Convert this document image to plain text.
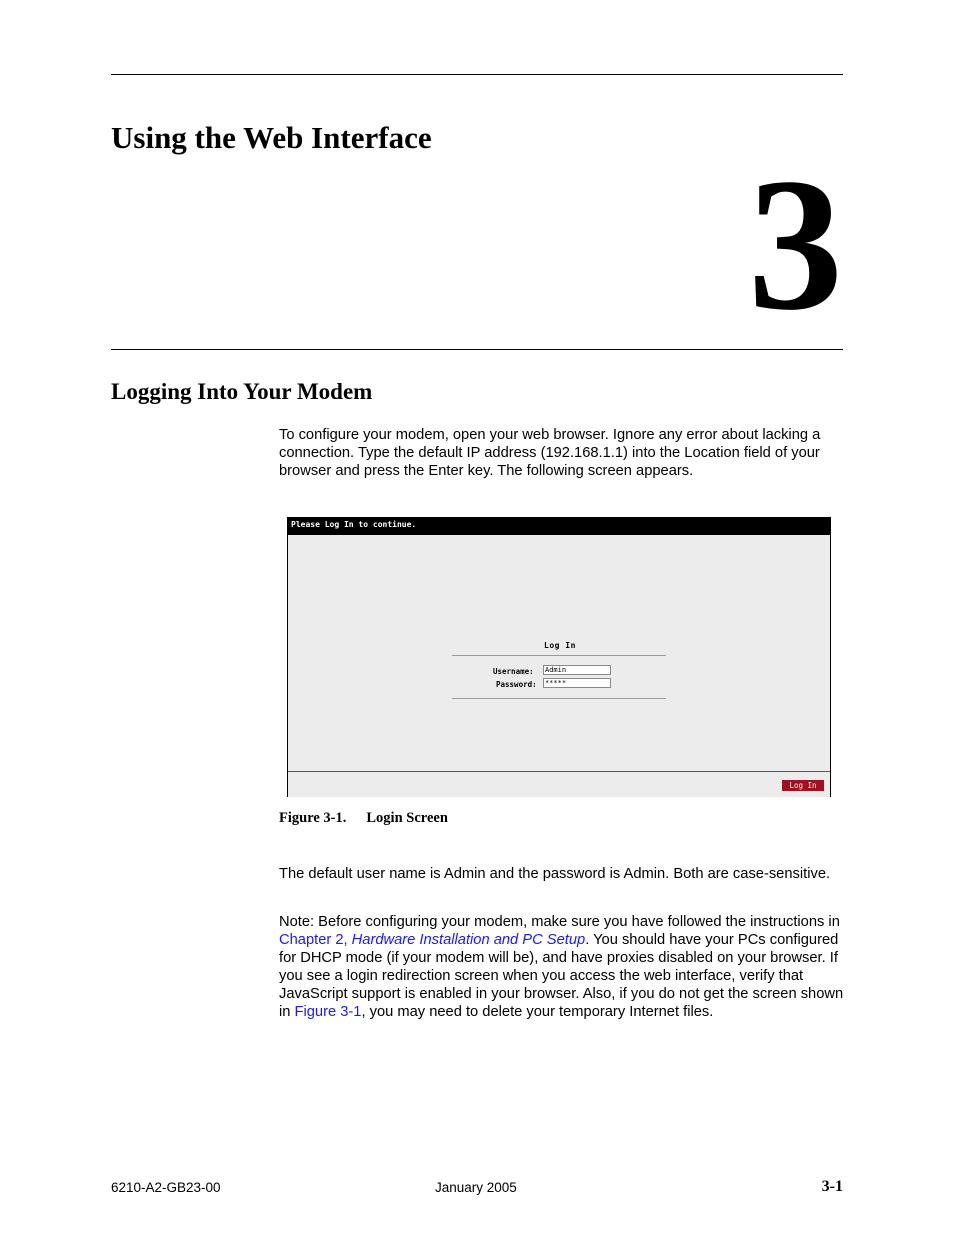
Using the Web Interface
3
Logging Into Your Modem

To configure your modem, open your web browser. Ignore any error about lacking a connection. Type the default IP address (192.168.1.1) into the Location field of your browser and press the Enter key. The following screen appears.

Please Log In to continue.
Log In
Username: Admin
Password: *****
Log In

Figure 3-1. Login Screen

The default user name is Admin and the password is Admin. Both are case-sensitive.

Note: Before configuring your modem, make sure you have followed the instructions in Chapter 2, Hardware Installation and PC Setup. You should have your PCs configured for DHCP mode (if your modem will be), and have proxies disabled on your browser. If you see a login redirection screen when you access the web interface, verify that JavaScript support is enabled in your browser. Also, if you do not get the screen shown in Figure 3-1, you may need to delete your temporary Internet files.

6210-A2-GB23-00	January 2005	3-1
